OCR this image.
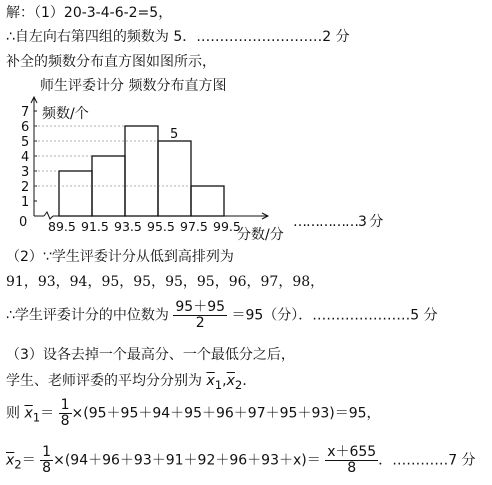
解：（1）20-3-4-6-2=5，
∴自左向右第四组的频数为 5．………………………2 分
补全的频数分布直方图如图所示，
师生评委计分 频数分布直方图
频数/个
分数/分
1
2
3
4
5
6
7
0
5
89.5 91.5 93.5 95.5 97.5 99.5	……………3 分
（2）∵学生评委计分从低到高排列为
91，93，94，95，95，95，95，96，97，98，
∴学生评委计分的中位数为 $\frac{95+95}{2} =95$（分）．…………………5 分
（3）设各去掉一个最高分、一个最低分之后，
学生、老师评委的平均分分别为 $\overline{x}_1,\overline{x}_2$．
则 $\overline{x}_1= \frac{1}{8} \times(95+95+94+95+96+97+95+93)=95$，
$\overline{x}_2= \frac{1}{8} \times(94+96+93+91+92+96+93+x)= \frac{x+655}{8}$ ．…………7 分
